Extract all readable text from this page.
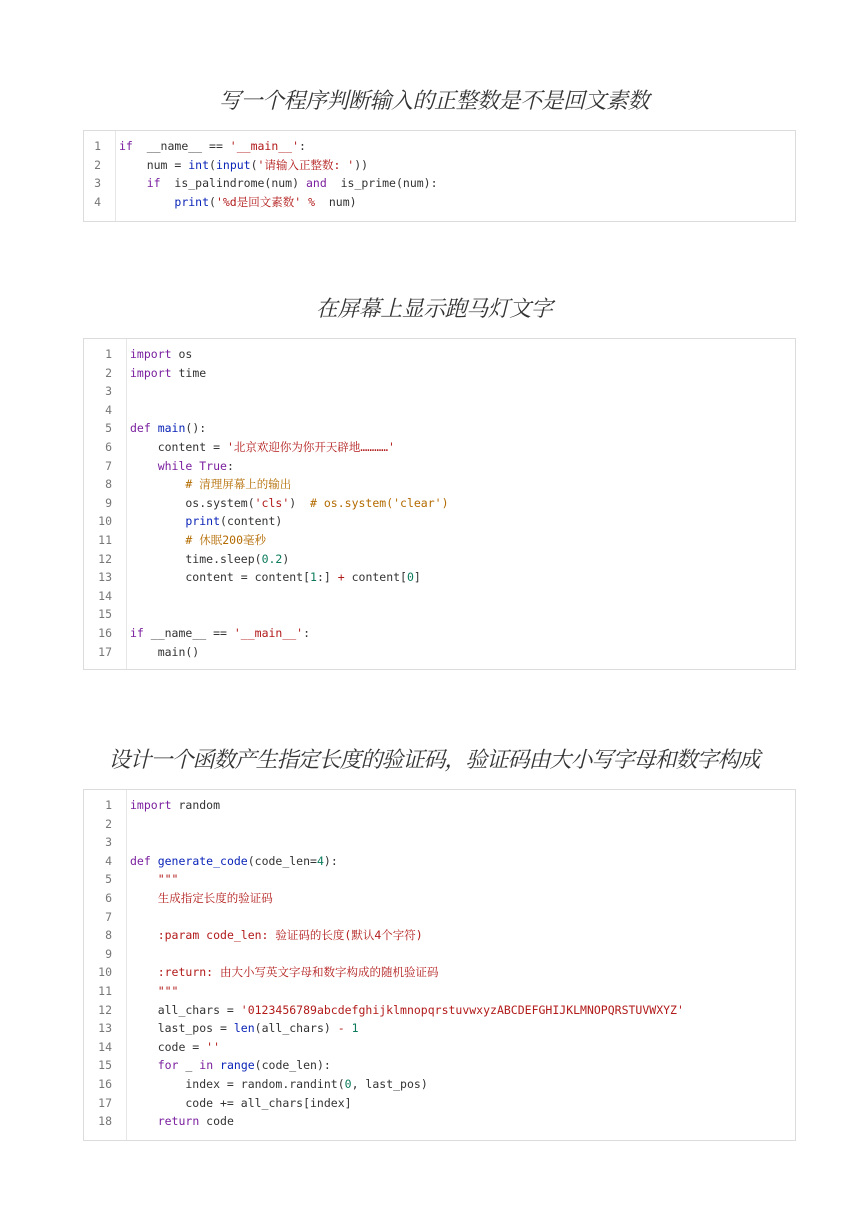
写一个程序判断输入的正整数是不是回文素数
1 if  __name__ == '__main__':
2 num = int(input('请输入正整数: '))
3	if  is_palindrome(num) and  is_prime(num):
4	print('%d是回文素数' %  num)
在屏幕上显示跑马灯文字
1 import os
2 import time
3
4
5 def main():
6 content = '北京欢迎你为你开天辟地…………'
7	while True:
8	# 清理屏幕上的输出
9 os.system('cls')  # os.system('clear')
10	print(content)
11	# 休眠200毫秒
12 time.sleep(0.2)
13 content = content[1:] + content[0]
14
15
16 if __name__ == '__main__':
17 main()
设计一个函数产生指定长度的验证码，验证码由大小写字母和数字构成
1 import random
2
3
4 def generate_code(code_len=4):
5	"""
6	生成指定长度的验证码
7
8	:param code_len: 验证码的长度(默认4个字符)
9
10	:return: 由大小写英文字母和数字构成的随机验证码
11	"""
12 all_chars = '0123456789abcdefghijklmnopqrstuvwxyzABCDEFGHIJKLMNOPQRSTUVWXYZ'
13 last_pos = len(all_chars) - 1
14 code = ''
15	for _ in range(code_len):
16 index = random.randint(0, last_pos)
17 code += all_chars[index]
18	return code
